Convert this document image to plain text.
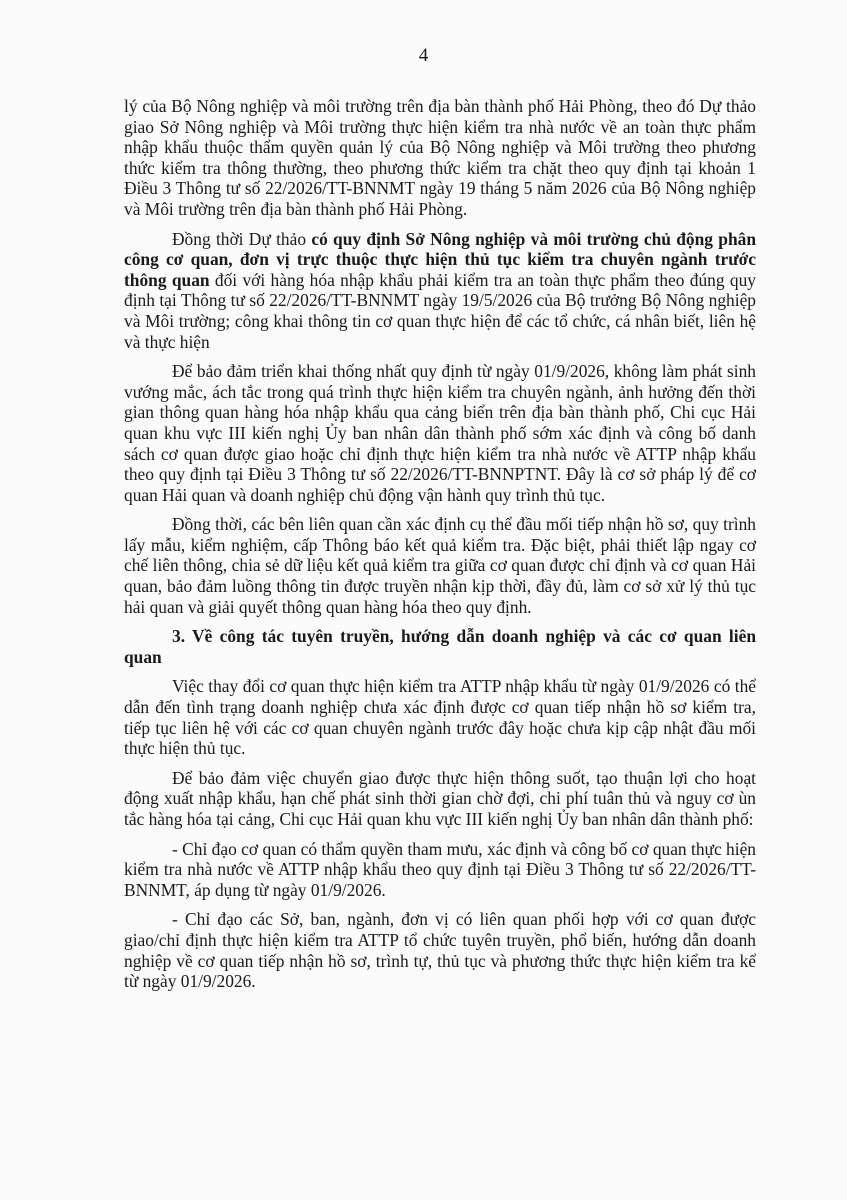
4

lý của Bộ Nông nghiệp và môi trường trên địa bàn thành phố Hải Phòng, theo đó Dự thảo giao Sở Nông nghiệp và Môi trường thực hiện kiểm tra nhà nước về an toàn thực phẩm nhập khẩu thuộc thẩm quyền quản lý của Bộ Nông nghiệp và Môi trường theo phương thức kiểm tra thông thường, theo phương thức kiểm tra chặt theo quy định tại khoản 1 Điều 3 Thông tư số 22/2026/TT-BNNMT ngày 19 tháng 5 năm 2026 của Bộ Nông nghiệp và Môi trường trên địa bàn thành phố Hải Phòng.

Đồng thời Dự thảo có quy định Sở Nông nghiệp và môi trường chủ động phân công cơ quan, đơn vị trực thuộc thực hiện thủ tục kiểm tra chuyên ngành trước thông quan đối với hàng hóa nhập khẩu phải kiểm tra an toàn thực phẩm theo đúng quy định tại Thông tư số 22/2026/TT-BNNMT ngày 19/5/2026 của Bộ trưởng Bộ Nông nghiệp và Môi trường; công khai thông tin cơ quan thực hiện để các tổ chức, cá nhân biết, liên hệ và thực hiện

Để bảo đảm triển khai thống nhất quy định từ ngày 01/9/2026, không làm phát sinh vướng mắc, ách tắc trong quá trình thực hiện kiểm tra chuyên ngành, ảnh hưởng đến thời gian thông quan hàng hóa nhập khẩu qua cảng biển trên địa bàn thành phố, Chi cục Hải quan khu vực III kiến nghị Ủy ban nhân dân thành phố sớm xác định và công bố danh sách cơ quan được giao hoặc chỉ định thực hiện kiểm tra nhà nước về ATTP nhập khẩu theo quy định tại Điều 3 Thông tư số 22/2026/TT-BNNPTNT. Đây là cơ sở pháp lý để cơ quan Hải quan và doanh nghiệp chủ động vận hành quy trình thủ tục.

Đồng thời, các bên liên quan cần xác định cụ thể đầu mối tiếp nhận hồ sơ, quy trình lấy mẫu, kiểm nghiệm, cấp Thông báo kết quả kiểm tra. Đặc biệt, phải thiết lập ngay cơ chế liên thông, chia sẻ dữ liệu kết quả kiểm tra giữa cơ quan được chỉ định và cơ quan Hải quan, bảo đảm luồng thông tin được truyền nhận kịp thời, đầy đủ, làm cơ sở xử lý thủ tục hải quan và giải quyết thông quan hàng hóa theo quy định.

3. Về công tác tuyên truyền, hướng dẫn doanh nghiệp và các cơ quan liên quan

Việc thay đổi cơ quan thực hiện kiểm tra ATTP nhập khẩu từ ngày 01/9/2026 có thể dẫn đến tình trạng doanh nghiệp chưa xác định được cơ quan tiếp nhận hồ sơ kiểm tra, tiếp tục liên hệ với các cơ quan chuyên ngành trước đây hoặc chưa kịp cập nhật đầu mối thực hiện thủ tục.

Để bảo đảm việc chuyển giao được thực hiện thông suốt, tạo thuận lợi cho hoạt động xuất nhập khẩu, hạn chế phát sinh thời gian chờ đợi, chi phí tuân thủ và nguy cơ ùn tắc hàng hóa tại cảng, Chi cục Hải quan khu vực III kiến nghị Ủy ban nhân dân thành phố:

- Chỉ đạo cơ quan có thẩm quyền tham mưu, xác định và công bố cơ quan thực hiện kiểm tra nhà nước về ATTP nhập khẩu theo quy định tại Điều 3 Thông tư số 22/2026/TT-BNNMT, áp dụng từ ngày 01/9/2026.

- Chỉ đạo các Sở, ban, ngành, đơn vị có liên quan phối hợp với cơ quan được giao/chỉ định thực hiện kiểm tra ATTP tổ chức tuyên truyền, phổ biến, hướng dẫn doanh nghiệp về cơ quan tiếp nhận hồ sơ, trình tự, thủ tục và phương thức thực hiện kiểm tra kể từ ngày 01/9/2026.
